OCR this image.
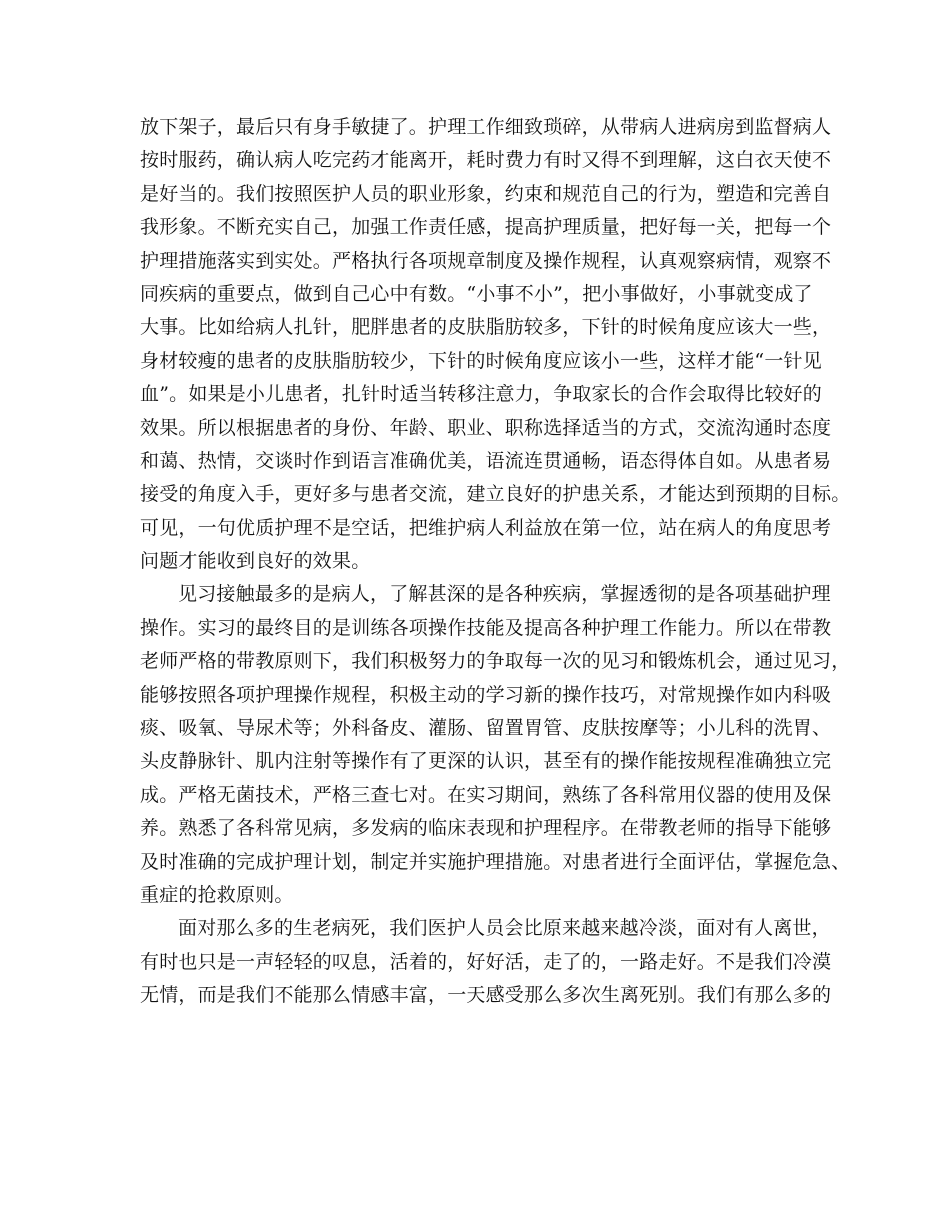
放下架子，最后只有身手敏捷了。护理工作细致琐碎，从带病人进病房到监督病人
按时服药，确认病人吃完药才能离开，耗时费力有时又得不到理解，这白衣天使不
是好当的。我们按照医护人员的职业形象，约束和规范自己的行为，塑造和完善自
我形象。不断充实自己，加强工作责任感，提高护理质量，把好每一关，把每一个
护理措施落实到实处。严格执行各项规章制度及操作规程，认真观察病情，观察不
同疾病的重要点，做到自己心中有数。“小事不小”，把小事做好，小事就变成了
大事。比如给病人扎针，肥胖患者的皮肤脂肪较多，下针的时候角度应该大一些，
身材较瘦的患者的皮肤脂肪较少，下针的时候角度应该小一些，这样才能“一针见
血”。如果是小儿患者，扎针时适当转移注意力，争取家长的合作会取得比较好的
效果。所以根据患者的身份、年龄、职业、职称选择适当的方式，交流沟通时态度
和蔼、热情，交谈时作到语言准确优美，语流连贯通畅，语态得体自如。从患者易
接受的角度入手，更好多与患者交流，建立良好的护患关系，才能达到预期的目标。
可见，一句优质护理不是空话，把维护病人利益放在第一位，站在病人的角度思考
问题才能收到良好的效果。
见习接触最多的是病人，了解甚深的是各种疾病，掌握透彻的是各项基础护理
操作。实习的最终目的是训练各项操作技能及提高各种护理工作能力。所以在带教
老师严格的带教原则下，我们积极努力的争取每一次的见习和锻炼机会，通过见习，
能够按照各项护理操作规程，积极主动的学习新的操作技巧，对常规操作如内科吸
痰、吸氧、导尿术等；外科备皮、灌肠、留置胃管、皮肤按摩等；小儿科的洗胃、
头皮静脉针、肌内注射等操作有了更深的认识，甚至有的操作能按规程准确独立完
成。严格无菌技术，严格三查七对。在实习期间，熟练了各科常用仪器的使用及保
养。熟悉了各科常见病，多发病的临床表现和护理程序。在带教老师的指导下能够
及时准确的完成护理计划，制定并实施护理措施。对患者进行全面评估，掌握危急、
重症的抢救原则。
面对那么多的生老病死，我们医护人员会比原来越来越冷淡，面对有人离世，
有时也只是一声轻轻的叹息，活着的，好好活，走了的，一路走好。不是我们冷漠
无情，而是我们不能那么情感丰富，一天感受那么多次生离死别。我们有那么多的
